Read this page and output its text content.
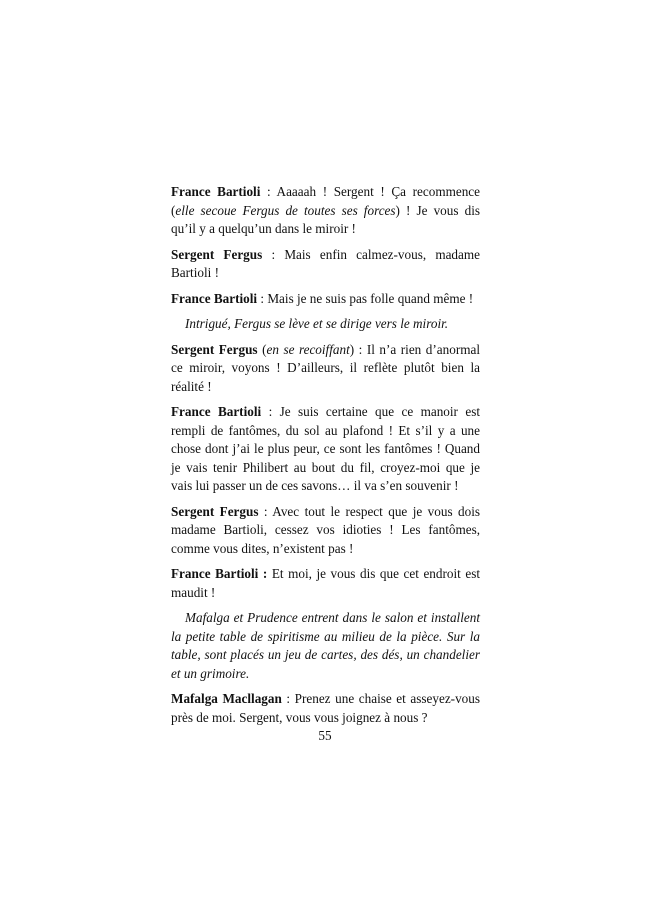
France Bartioli : Aaaaah ! Sergent ! Ça recommence (elle secoue Fergus de toutes ses forces) ! Je vous dis qu’il y a quelqu’un dans le miroir !

Sergent Fergus : Mais enfin calmez-vous, madame Bartioli !

France Bartioli : Mais je ne suis pas folle quand même !

Intrigué, Fergus se lève et se dirige vers le miroir.

Sergent Fergus (en se recoiffant) : Il n’a rien d’anormal ce miroir, voyons ! D’ailleurs, il reflète plutôt bien la réalité !

France Bartioli : Je suis certaine que ce manoir est rempli de fantômes, du sol au plafond ! Et s’il y a une chose dont j’ai le plus peur, ce sont les fantômes ! Quand je vais tenir Philibert au bout du fil, croyez-moi que je vais lui passer un de ces savons… il va s’en souvenir !

Sergent Fergus : Avec tout le respect que je vous dois madame Bartioli, cessez vos idioties ! Les fantômes, comme vous dites, n’existent pas !

France Bartioli : Et moi, je vous dis que cet endroit est maudit !

Mafalga et Prudence entrent dans le salon et installent la petite table de spiritisme au milieu de la pièce. Sur la table, sont placés un jeu de cartes, des dés, un chandelier et un grimoire.

Mafalga Macllagan : Prenez une chaise et asseyez-vous près de moi. Sergent, vous vous joignez à nous ?

55
